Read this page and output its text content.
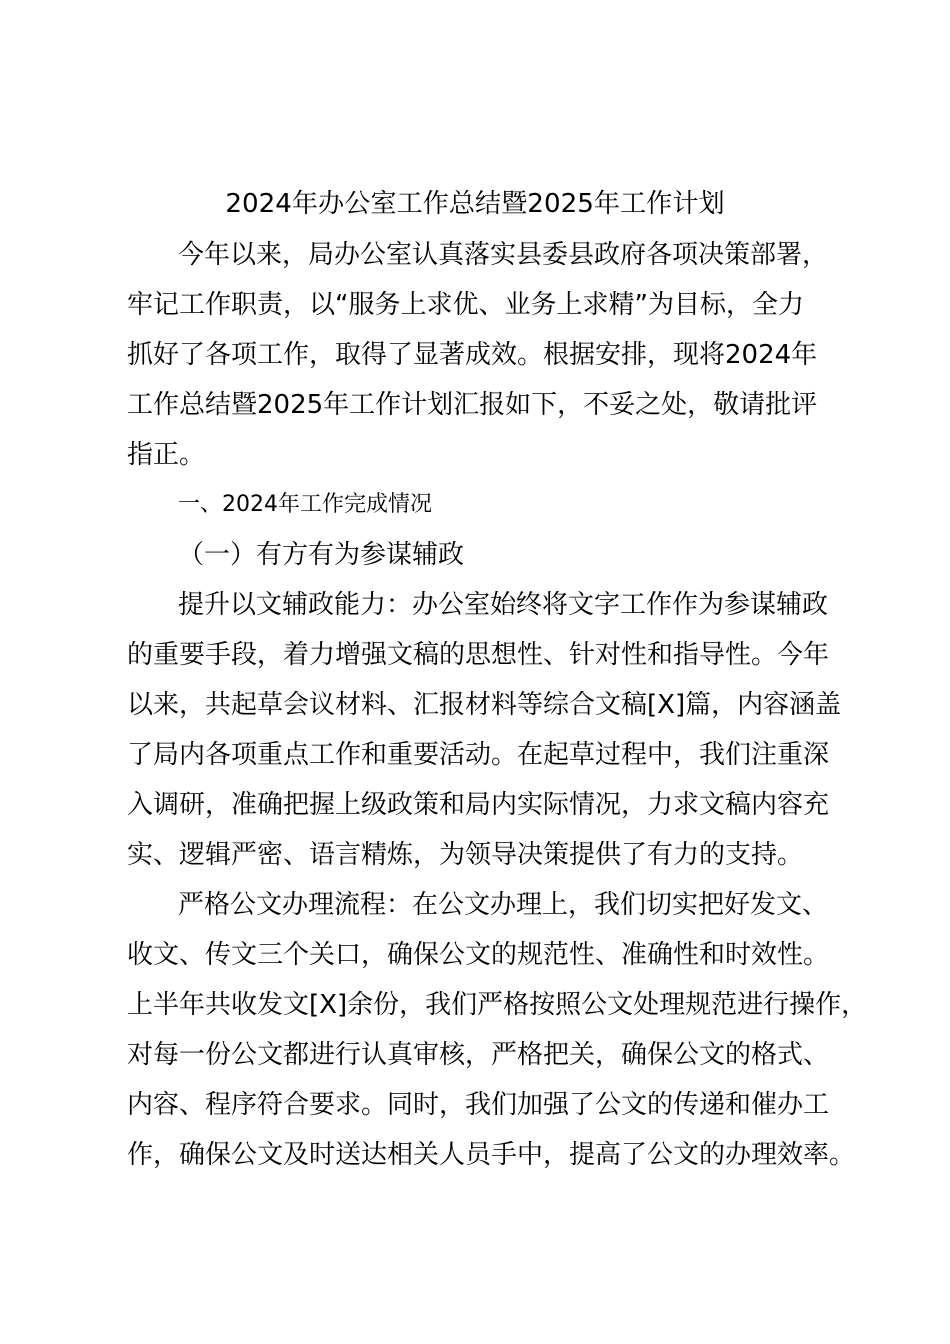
2024年办公室工作总结暨2025年工作计划
今年以来，局办公室认真落实县委县政府各项决策部署，
牢记工作职责，以“服务上求优、业务上求精”为目标，全力
抓好了各项工作，取得了显著成效。根据安排，现将2024年
工作总结暨2025年工作计划汇报如下，不妥之处，敬请批评
指正。
一、2024年工作完成情况
（一）有方有为参谋辅政
提升以文辅政能力：办公室始终将文字工作作为参谋辅政
的重要手段，着力增强文稿的思想性、针对性和指导性。今年
以来，共起草会议材料、汇报材料等综合文稿[X]篇，内容涵盖
了局内各项重点工作和重要活动。在起草过程中，我们注重深
入调研，准确把握上级政策和局内实际情况，力求文稿内容充
实、逻辑严密、语言精炼，为领导决策提供了有力的支持。
严格公文办理流程：在公文办理上，我们切实把好发文、
收文、传文三个关口，确保公文的规范性、准确性和时效性。
上半年共收发文[X]余份，我们严格按照公文处理规范进行操作，
对每一份公文都进行认真审核，严格把关，确保公文的格式、
内容、程序符合要求。同时，我们加强了公文的传递和催办工
作，确保公文及时送达相关人员手中，提高了公文的办理效率。
